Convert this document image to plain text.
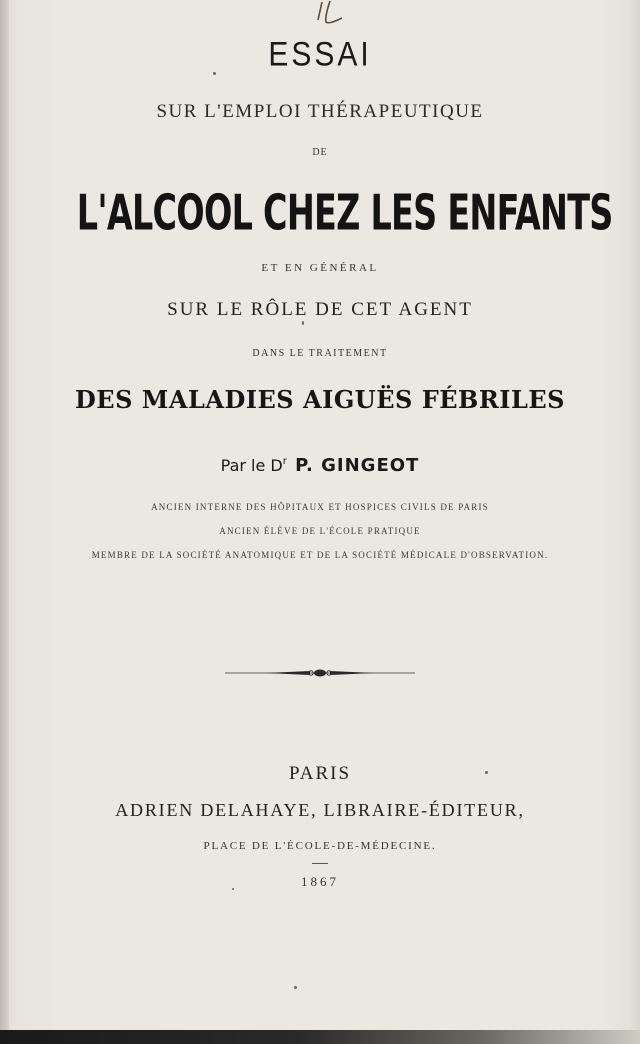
ESSAI
SUR L'EMPLOI THÉRAPEUTIQUE
DE
L'ALCOOL CHEZ LES ENFANTS
ET EN GÉNÉRAL
SUR LE RÔLE DE CET AGENT
DANS LE TRAITEMENT
DES MALADIES AIGUËS FÉBRILES
Par le $D^r$ P. GINGEOT
ANCIEN INTERNE DES HÔPITAUX ET HOSPICES CIVILS DE PARIS
ANCIEN ÉLÈVE DE L'ÉCOLE PRATIQUE
MEMBRE DE LA SOCIÉTÉ ANATOMIQUE ET DE LA SOCIÉTÉ MÉDICALE D'OBSERVATION.
PARIS
ADRIEN DELAHAYE, LIBRAIRE-ÉDITEUR,
PLACE DE L'ÉCOLE-DE-MÉDECINE.
1867
